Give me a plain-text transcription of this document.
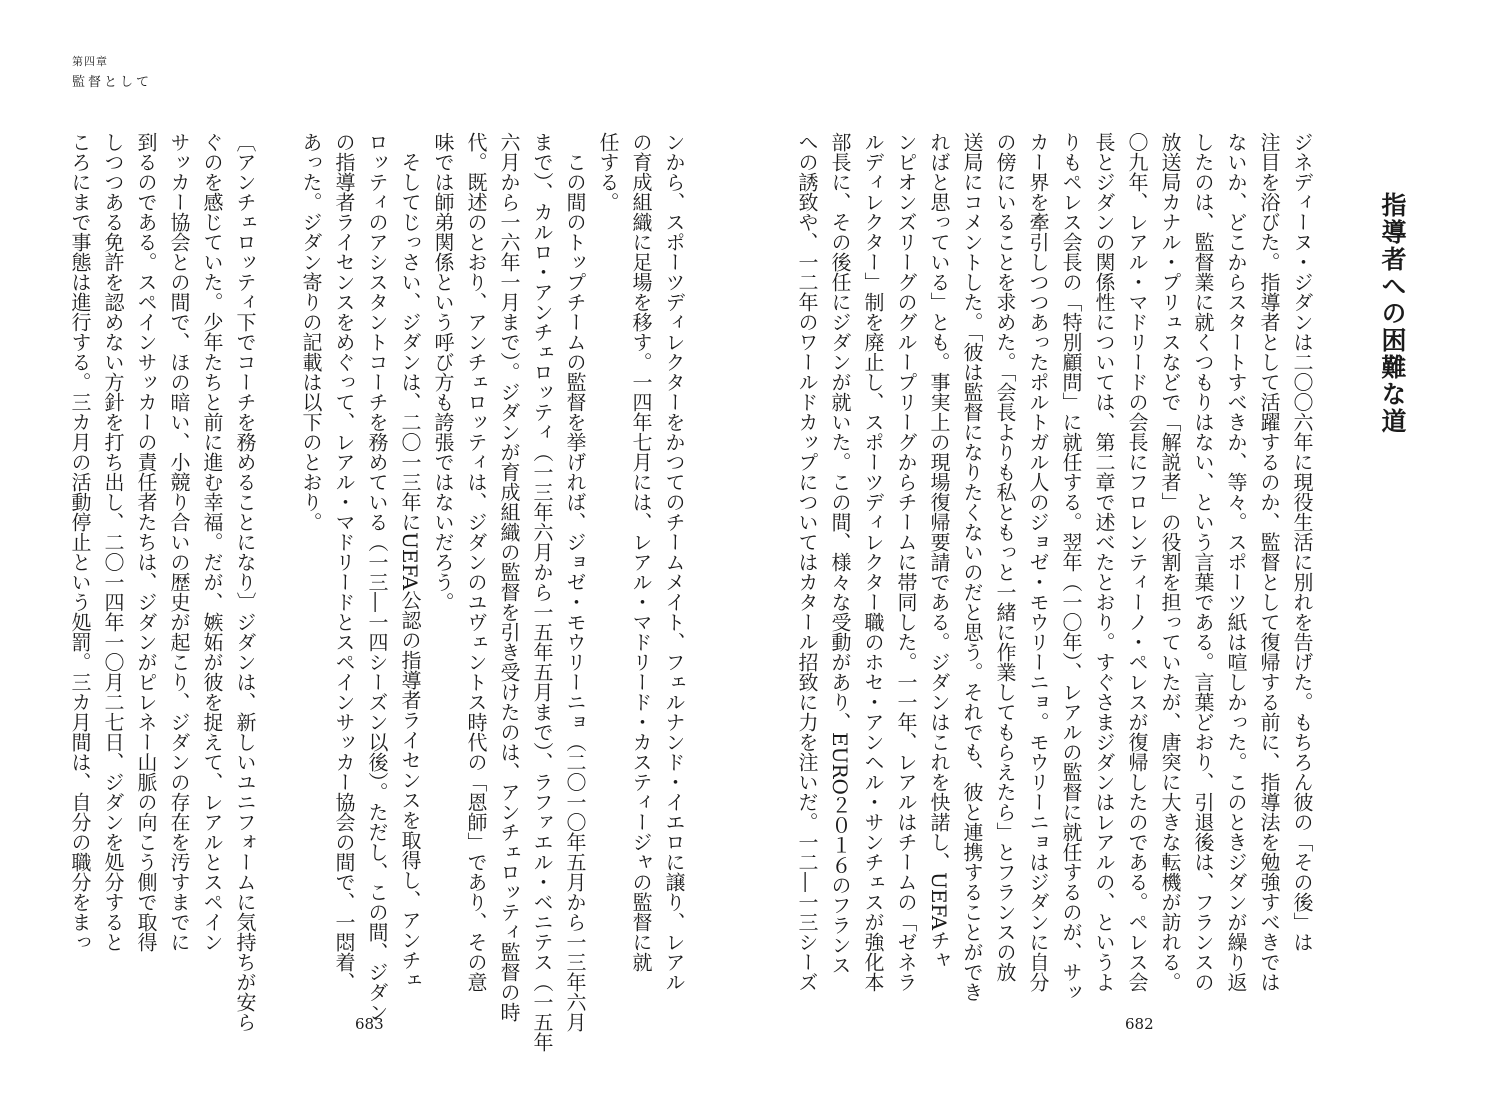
第四章
監督として
指導者への困難な道
ジネディーヌ・ジダンは二〇〇六年に現役生活に別れを告げた。もちろん彼の「その後」は
注目を浴びた。指導者として活躍するのか、監督として復帰する前に、指導法を勉強すべきでは
ないか、どこからスタートすべきか、等々。スポーツ紙は喧しかった。このときジダンが繰り返
したのは、監督業に就くつもりはない、という言葉である。言葉どおり、引退後は、フランスの
放送局カナル・プリュスなどで「解説者」の役割を担っていたが、唐突に大きな転機が訪れる。
〇九年、レアル・マドリードの会長にフロレンティーノ・ペレスが復帰したのである。ペレス会
長とジダンの関係性については、第二章で述べたとおり。すぐさまジダンはレアルの、というよ
りもペレス会長の「特別顧問」に就任する。翌年（一〇年）、レアルの監督に就任するのが、サッ
カー界を牽引しつつあったポルトガル人のジョゼ・モウリーニョ。モウリーニョはジダンに自分
の傍にいることを求めた。「会長よりも私ともっと一緒に作業してもらえたら」とフランスの放
送局にコメントした。「彼は監督になりたくないのだと思う。それでも、彼と連携することができ
ればと思っている」とも。事実上の現場復帰要請である。ジダンはこれを快諾し、UEFAチャ
ンピオンズリーグのグループリーグからチームに帯同した。一一年、レアルはチームの「ゼネラ
ルディレクター」制を廃止し、スポーツディレクター職のホセ・アンヘル・サンチェスが強化本
部長に、その後任にジダンが就いた。この間、様々な受動があり、EURO２０１６のフランス
への誘致や、一二年のワールドカップについてはカタール招致に力を注いだ。一二―一三シーズ
ンから、スポーツディレクターをかつてのチームメイト、フェルナンド・イエロに譲り、レアル
の育成組織に足場を移す。一四年七月には、レアル・マドリード・カスティージャの監督に就
任する。
　この間のトップチームの監督を挙げれば、ジョゼ・モウリーニョ（二〇一〇年五月から一三年六月
まで）、カルロ・アンチェロッティ（一三年六月から一五年五月まで）、ラファエル・ベニテス（一五年
六月から一六年一月まで）。ジダンが育成組織の監督を引き受けたのは、アンチェロッティ監督の時
代。既述のとおり、アンチェロッティは、ジダンのユヴェントス時代の「恩師」であり、その意
味では師弟関係という呼び方も誇張ではないだろう。
　そしてじっさい、ジダンは、二〇一三年にUEFA公認の指導者ライセンスを取得し、アンチェ
ロッティのアシスタントコーチを務めている（一三―一四シーズン以後）。ただし、この間、ジダン
の指導者ライセンスをめぐって、レアル・マドリードとスペインサッカー協会の間で、一悶着、
あった。ジダン寄りの記載は以下のとおり。

〔アンチェロッティ下でコーチを務めることになり〕ジダンは、新しいユニフォームに気持ちが安ら
ぐのを感じていた。少年たちと前に進む幸福。だが、嫉妬が彼を捉えて、レアルとスペイン
サッカー協会との間で、ほの暗い、小競り合いの歴史が起こり、ジダンの存在を汚すまでに
到るのである。スペインサッカーの責任者たちは、ジダンがピレネー山脈の向こう側で取得
しつつある免許を認めない方針を打ち出し、二〇一四年一〇月二七日、ジダンを処分すると
ころにまで事態は進行する。三カ月の活動停止という処罰。三カ月間は、自分の職分をまっ
683	682
